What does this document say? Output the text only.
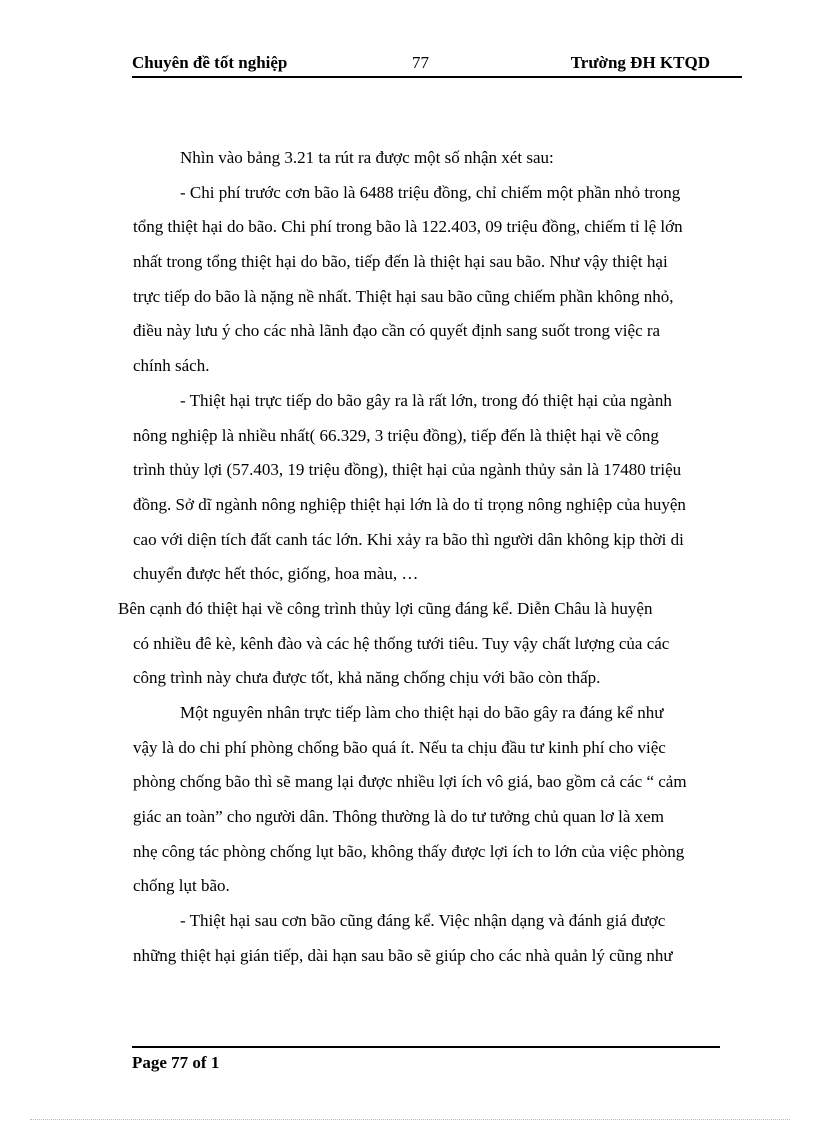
Chuyên đề tốt nghiệp	77	Trường ĐH KTQD
Nhìn vào bảng 3.21 ta rút ra được một số nhận xét sau:
- Chi phí trước cơn bão là 6488 triệu đồng, chỉ chiếm một phần nhỏ trong
tổng thiệt hại do bão. Chi phí trong bão là 122.403, 09 triệu đồng, chiếm tỉ lệ lớn
nhất trong tổng thiệt hại do bão, tiếp đến là thiệt hại sau bão. Như vậy thiệt hại
trực tiếp do bão là nặng nề nhất. Thiệt hại sau bão cũng chiếm phần không nhỏ,
điều này lưu ý cho các nhà lãnh đạo cần có quyết định sang suốt trong việc ra
chính sách.
- Thiệt hại trực tiếp do bão gây ra là rất lớn, trong đó thiệt hại của ngành
nông nghiệp là nhiều nhất( 66.329, 3 triệu đồng), tiếp đến là thiệt hại về công
trình thủy lợi (57.403, 19 triệu đồng), thiệt hại của ngành thủy sản là 17480 triệu
đồng. Sở dĩ ngành nông nghiệp thiệt hại lớn là do tỉ trọng nông nghiệp của huyện
cao với diện tích đất canh tác lớn. Khi xảy ra bão thì người dân không kịp thời di
chuyển được hết thóc, giống, hoa màu, …
Bên cạnh đó thiệt hại về công trình thủy lợi cũng đáng kể. Diễn Châu là huyện
có nhiều đê kè, kênh đào và các hệ thống tưới tiêu. Tuy vậy chất lượng của các
công trình này chưa được tốt, khả năng chống chịu với bão còn thấp.
Một nguyên nhân trực tiếp làm cho thiệt hại do bão gây ra đáng kể như
vậy là do chi phí phòng chống bão quá ít. Nếu ta chịu đầu tư kinh phí cho việc
phòng chống bão thì sẽ mang lại được nhiều lợi ích vô giá, bao gồm cả các “ cảm
giác an toàn” cho người dân. Thông thường là do tư tưởng chủ quan lơ là xem
nhẹ công tác phòng chống lụt bão, không thấy được lợi ích to lớn của việc phòng
chống lụt bão.
- Thiệt hại sau cơn bão cũng đáng kể. Việc nhận dạng và đánh giá được
những thiệt hại gián tiếp, dài hạn sau bão sẽ giúp cho các nhà quản lý cũng như
Page 77 of 1
